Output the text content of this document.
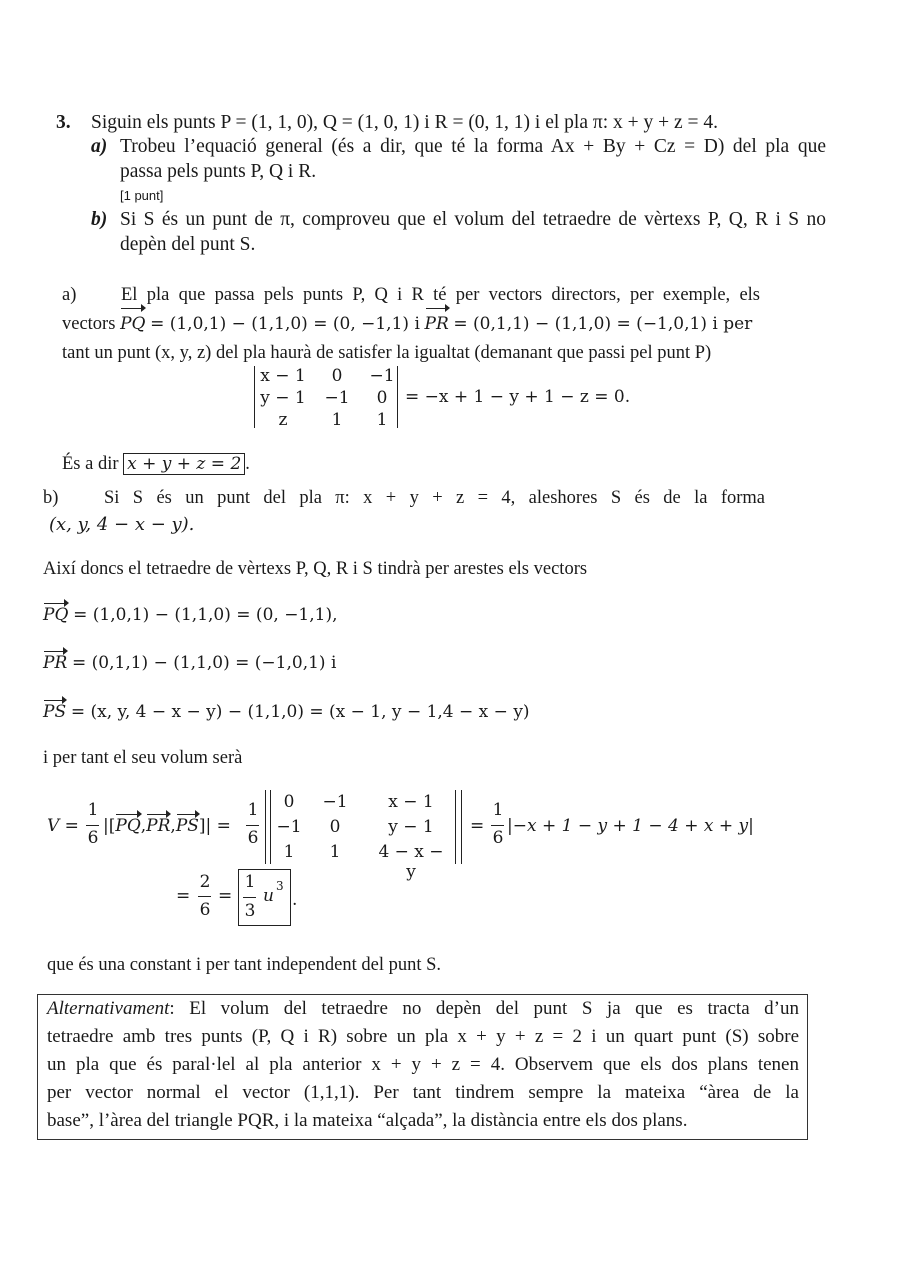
3. Siguin els punts P = (1, 1, 0), Q = (1, 0, 1) i R = (0, 1, 1) i el pla π: x + y + z = 4.
a) Trobeu l’equació general (és a dir, que té la forma Ax + By + Cz = D) del pla que
passa pels punts P, Q i R.
[1 punt]
b) Si S és un punt de π, comproveu que el volum del tetraedre de vèrtexs P, Q, R i S no
depèn del punt S.
a) El pla que passa pels punts P, Q i R té per vectors directors, per exemple, els
vectors PQ = (1,0,1) − (1,1,0) = (0, −1,1) i PR = (0,1,1) − (1,1,0) = (−1,0,1) i per
tant un punt (x, y, z) del pla haurà de satisfer la igualtat (demanant que passi pel punt P)
x − 1	0	−1
y − 1	−1	0
z	1	1
= −x + 1 − y + 1 − z = 0.
És a dir x + y + z = 2 .
b) Si S és un punt del pla π: x + y + z = 4, aleshores S és de la forma
(x, y, 4 − x − y).
Així doncs el tetraedre de vèrtexs P, Q, R i S tindrà per arestes els vectors
PQ = (1,0,1) − (1,1,0) = (0, −1,1),
PR = (0,1,1) − (1,1,0) = (−1,0,1) i
PS = (x, y, 4 − x − y) − (1,1,0) = (x − 1, y − 1,4 − x − y)
i per tant el seu volum serà
V =
1
6
|[PQ,PR,PS]| =
1
6
0	−1	x − 1
−1	0	y − 1
1	1	4 − x − y
=
1
6
|−x + 1 − y + 1 − 4 + x + y|
=
2
6
=
1
3
u 3
.
que és una constant i per tant independent del punt S.
Alternativament: El volum del tetraedre no depèn del punt S ja que es tracta d’un
tetraedre amb tres punts (P, Q i R) sobre un pla x + y + z = 2 i un quart punt (S) sobre
un pla que és paral·lel al pla anterior x + y + z = 4. Observem que els dos plans tenen
per vector normal el vector (1,1,1). Per tant tindrem sempre la mateixa “àrea de la
base”, l’àrea del triangle PQR, i la mateixa “alçada”, la distància entre els dos plans.
